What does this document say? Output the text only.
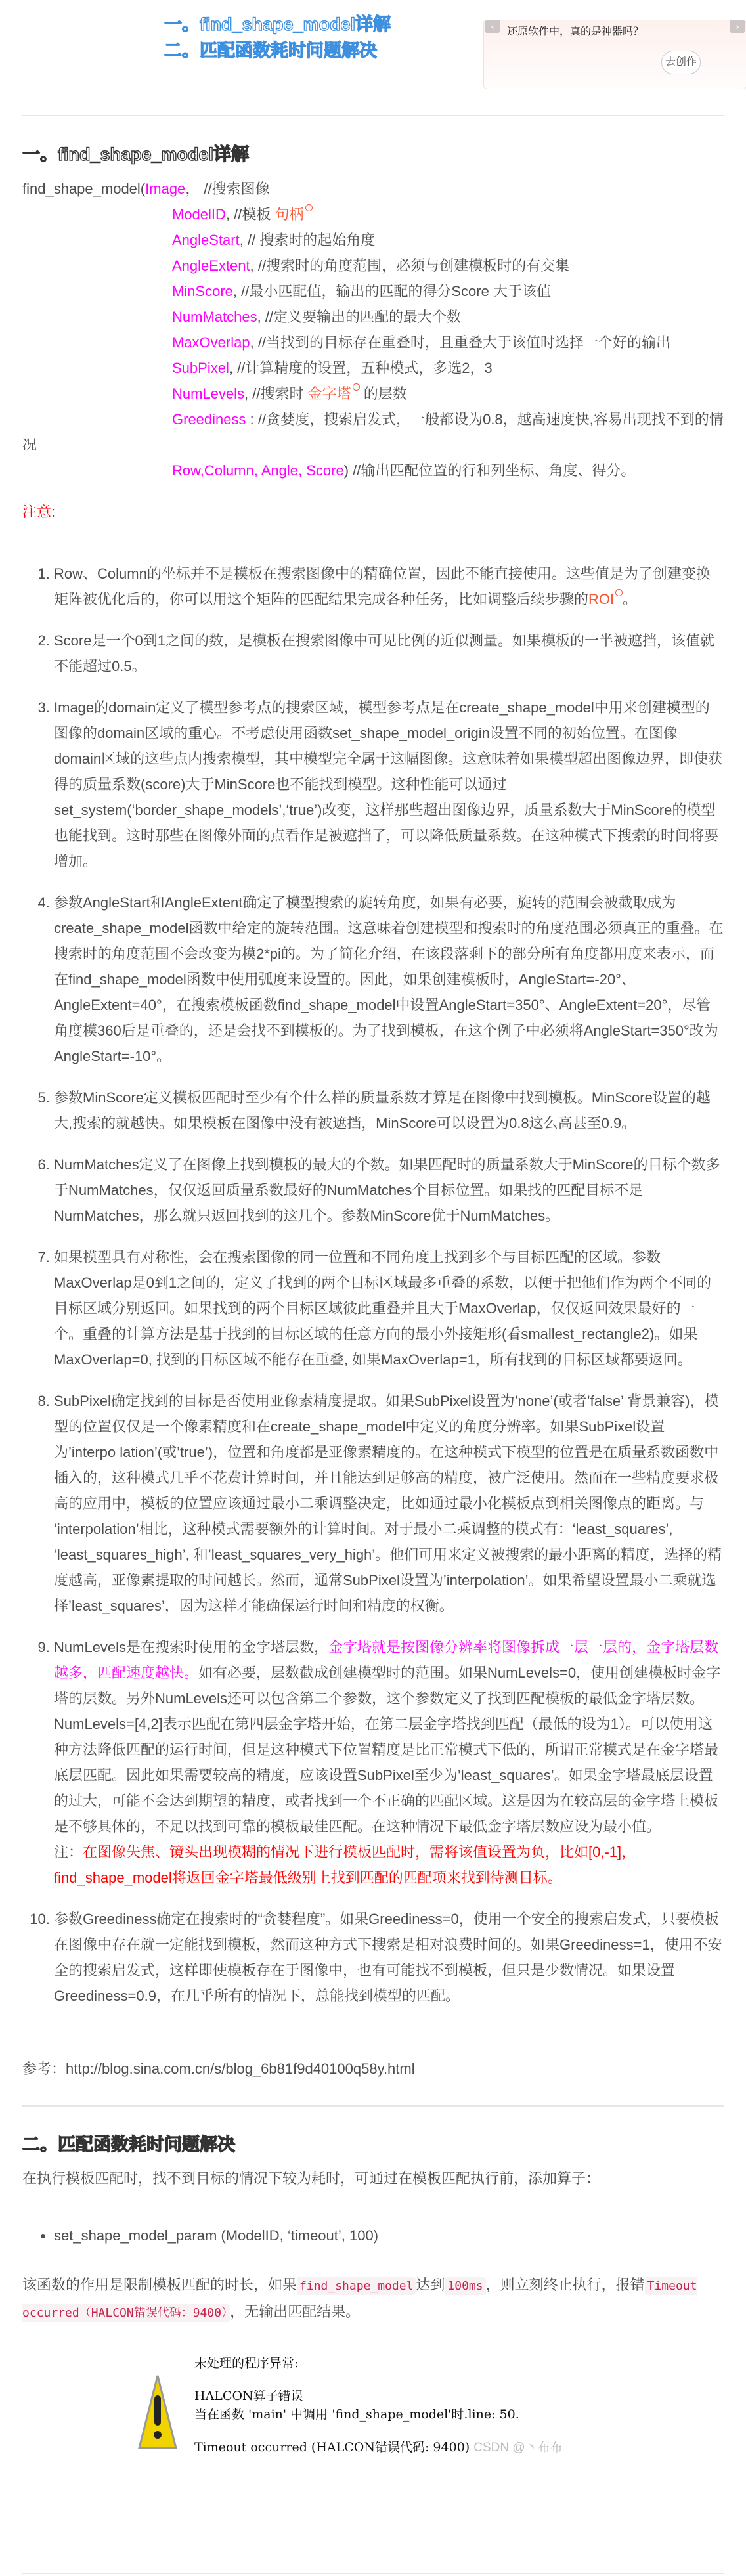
一。find_shape_model详解
二。匹配函数耗时问题解决
一。find_shape_model详解
find_shape_model(Image， //搜索图像
ModelID, //模板 句柄
AngleStart, // 搜索时的起始角度
AngleExtent, //搜索时的角度范围，必须与创建模板时的有交集
MinScore, //最小匹配值，输出的匹配的得分Score 大于该值
NumMatches, //定义要输出的匹配的最大个数
MaxOverlap, //当找到的目标存在重叠时，且重叠大于该值时选择一个好的输出
SubPixel, //计算精度的设置，五种模式，多选2，3
NumLevels, //搜索时 金字塔 的层数
Greediness : //贪婪度，搜索启发式，一般都设为0.8，越高速度快,容易出现找不到的情况
Row,Column, Angle, Score) //输出匹配位置的行和列坐标、角度、得分。
注意:
1. Row、Column的坐标并不是模板在搜索图像中的精确位置，因此不能直接使用。这些值是为了创建变换矩阵被优化后的，你可以用这个矩阵的匹配结果完成各种任务，比如调整后续步骤的ROI 。
2. Score是一个0到1之间的数，是模板在搜索图像中可见比例的近似测量。如果模板的一半被遮挡，该值就不能超过0.5。
3. Image的domain定义了模型参考点的搜索区域，模型参考点是在create_shape_model中用来创建模型的图像的domain区域的重心。不考虑使用函数set_shape_model_origin设置不同的初始位置。在图像domain区域的这些点内搜索模型，其中模型完全属于这幅图像。这意味着如果模型超出图像边界，即使获得的质量系数(score)大于MinScore也不能找到模型。这种性能可以通过set_system(‘border_shape_models’,‘true’)改变，这样那些超出图像边界，质量系数大于MinScore的模型也能找到。这时那些在图像外面的点看作是被遮挡了，可以降低质量系数。在这种模式下搜索的时间将要增加。
4. 参数AngleStart和AngleExtent确定了模型搜索的旋转角度，如果有必要，旋转的范围会被截取成为create_shape_model函数中给定的旋转范围。这意味着创建模型和搜索时的角度范围必须真正的重叠。在搜索时的角度范围不会改变为模2*pi的。为了简化介绍，在该段落剩下的部分所有角度都用度来表示，而在find_shape_model函数中使用弧度来设置的。因此，如果创建模板时，AngleStart=-20°、AngleExtent=40°，在搜索模板函数find_shape_model中设置AngleStart=350°、AngleExtent=20°，尽管角度模360后是重叠的，还是会找不到模板的。为了找到模板，在这个例子中必须将AngleStart=350°改为AngleStart=-10°。
5. 参数MinScore定义模板匹配时至少有个什么样的质量系数才算是在图像中找到模板。MinScore设置的越大,搜索的就越快。如果模板在图像中没有被遮挡，MinScore可以设置为0.8这么高甚至0.9。
6. NumMatches定义了在图像上找到模板的最大的个数。如果匹配时的质量系数大于MinScore的目标个数多于NumMatches，仅仅返回质量系数最好的NumMatches个目标位置。如果找的匹配目标不足NumMatches，那么就只返回找到的这几个。参数MinScore优于NumMatches。
7. 如果模型具有对称性，会在搜索图像的同一位置和不同角度上找到多个与目标匹配的区域。参数MaxOverlap是0到1之间的，定义了找到的两个目标区域最多重叠的系数，以便于把他们作为两个不同的目标区域分别返回。如果找到的两个目标区域彼此重叠并且大于MaxOverlap，仅仅返回效果最好的一个。重叠的计算方法是基于找到的目标区域的任意方向的最小外接矩形(看smallest_rectangle2)。如果MaxOverlap=0, 找到的目标区域不能存在重叠, 如果MaxOverlap=1，所有找到的目标区域都要返回。
8. SubPixel确定找到的目标是否使用亚像素精度提取。如果SubPixel设置为’none’(或者’false’ 背景兼容)，模型的位置仅仅是一个像素精度和在create_shape_model中定义的角度分辨率。如果SubPixel设置为’interpo lation’(或’true’)，位置和角度都是亚像素精度的。在这种模式下模型的位置是在质量系数函数中插入的，这种模式几乎不花费计算时间，并且能达到足够高的精度，被广泛使用。然而在一些精度要求极高的应用中，模板的位置应该通过最小二乘调整决定，比如通过最小化模板点到相关图像点的距离。与 ‘interpolation’相比，这种模式需要额外的计算时间。对于最小二乘调整的模式有：‘least_squares’, ‘least_squares_high’, 和’least_squares_very_high’。他们可用来定义被搜索的最小距离的精度，选择的精度越高，亚像素提取的时间越长。然而，通常SubPixel设置为’interpolation’。如果希望设置最小二乘就选择’least_squares’，因为这样才能确保运行时间和精度的权衡。
9. NumLevels是在搜索时使用的金字塔层数，金字塔就是按图像分辨率将图像拆成一层一层的，金字塔层数越多，匹配速度越快。如有必要，层数截成创建模型时的范围。如果NumLevels=0，使用创建模板时金字塔的层数。另外NumLevels还可以包含第二个参数，这个参数定义了找到匹配模板的最低金字塔层数。NumLevels=[4,2]表示匹配在第四层金字塔开始，在第二层金字塔找到匹配（最低的设为1）。可以使用这种方法降低匹配的运行时间，但是这种模式下位置精度是比正常模式下低的，所谓正常模式是在金字塔最底层匹配。因此如果需要较高的精度，应该设置SubPixel至少为’least_squares’。如果金字塔最底层设置的过大，可能不会达到期望的精度，或者找到一个不正确的匹配区域。这是因为在较高层的金字塔上模板是不够具体的，不足以找到可靠的模板最佳匹配。在这种情况下最低金字塔层数应设为最小值。
注：在图像失焦、镜头出现模糊的情况下进行模板匹配时，需将该值设置为负，比如[0,-1]，find_shape_model将返回金字塔最低级别上找到匹配的匹配项来找到待测目标。
10. 参数Greediness确定在搜索时的“贪婪程度”。如果Greediness=0，使用一个安全的搜索启发式，只要模板在图像中存在就一定能找到模板，然而这种方式下搜索是相对浪费时间的。如果Greediness=1，使用不安全的搜索启发式，这样即使模板存在于图像中，也有可能找不到模板，但只是少数情况。如果设置Greediness=0.9，在几乎所有的情况下，总能找到模型的匹配。

参考：http://blog.sina.com.cn/s/blog_6b81f9d40100q58y.html

二。匹配函数耗时问题解决

在执行模板匹配时，找不到目标的情况下较为耗时，可通过在模板匹配执行前，添加算子：

• set_shape_model_param (ModelID, ‘timeout’, 100)

该函数的作用是限制模板匹配的时长，如果 find_shape_model 达到 100ms ，则立刻终止执行，报错 Timeout occurred（HALCON错误代码：9400） ，无输出匹配结果。

未处理的程序异常:
HALCON算子错误
当在函数 'main' 中调用 'find_shape_model'时.line: 50.
Timeout occurred (HALCON错误代码: 9400) CSDN @丶布布
‹	还原软件中，真的是神器吗？	›
去创作
